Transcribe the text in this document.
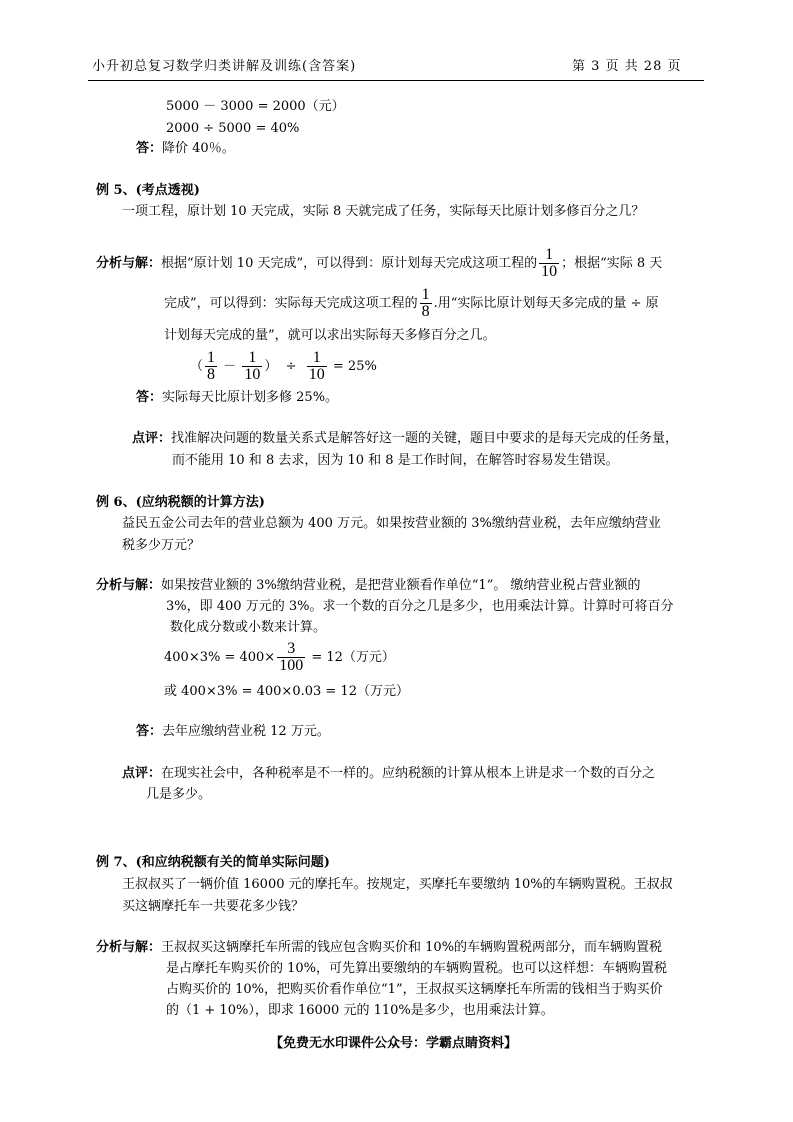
小升初总复习数学归类讲解及训练(含答案)	第 3 页 共 28 页
5000 － 3000 = 2000（元）
2000 ÷ 5000 = 40%
答：降价 40％。
例 5、(考点透视)
一项工程，原计划 10 天完成，实际 8 天就完成了任务，实际每天比原计划多修百分之几？
分析与解：根据“原计划 10 天完成”，可以得到：原计划每天完成这项工程的 $\frac{1}{10}$ ；根据“实际 8 天
完成”，可以得到：实际每天完成这项工程的 $\frac{1}{8}$ .用“实际比原计划每天多完成的量 ÷ 原
计划每天完成的量”，就可以求出实际每天多修百分之几。
（ $\frac{1}{8} - \frac{1}{10}$ ） ÷ $\frac{1}{10} = 25\%$
答：实际每天比原计划多修 25%。
点评：找准解决问题的数量关系式是解答好这一题的关键，题目中要求的是每天完成的任务量，
而不能用 10 和 8 去求，因为 10 和 8 是工作时间，在解答时容易发生错误。
例 6、(应纳税额的计算方法)
益民五金公司去年的营业总额为 400 万元。如果按营业额的 3%缴纳营业税，去年应缴纳营业
税多少万元？
分析与解：如果按营业额的 3%缴纳营业税，是把营业额看作单位“1”。 缴纳营业税占营业额的
3%，即 400 万元的 3%。求一个数的百分之几是多少，也用乘法计算。计算时可将百分
数化成分数或小数来计算。
$400\times 3\% = 400\times \frac{3}{100} = 12$（万元）
或 400×3% = 400×0.03 = 12（万元）
答：去年应缴纳营业税 12 万元。
点评：在现实社会中，各种税率是不一样的。应纳税额的计算从根本上讲是求一个数的百分之
几是多少。
例 7、(和应纳税额有关的简单实际问题)
王叔叔买了一辆价值 16000 元的摩托车。按规定，买摩托车要缴纳 10%的车辆购置税。王叔叔
买这辆摩托车一共要花多少钱？
分析与解：王叔叔买这辆摩托车所需的钱应包含购买价和 10%的车辆购置税两部分，而车辆购置税
是占摩托车购买价的 10%，可先算出要缴纳的车辆购置税。也可以这样想：车辆购置税
占购买价的 10%，把购买价看作单位“1”，王叔叔买这辆摩托车所需的钱相当于购买价
的（1 + 10%），即求 16000 元的 110%是多少，也用乘法计算。
【免费无水印课件公众号：学霸点睛资料】
